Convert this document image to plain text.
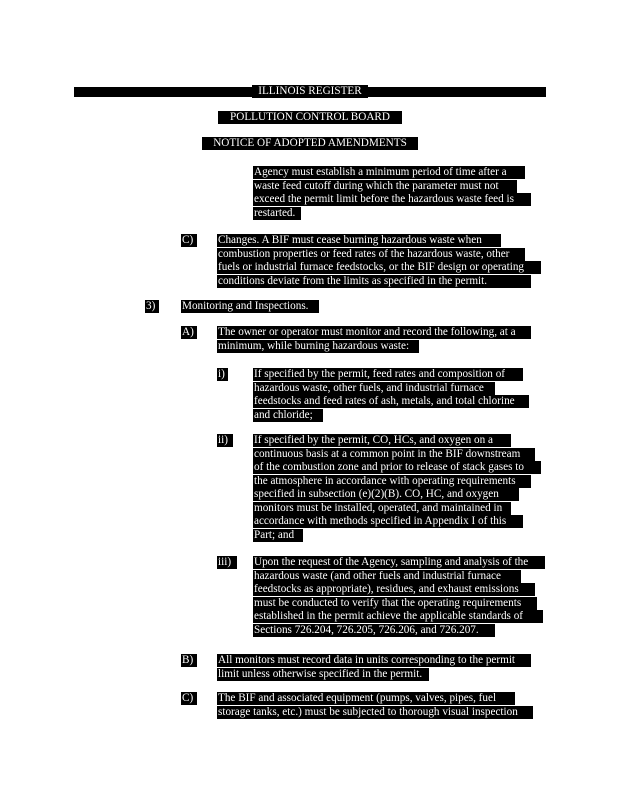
ILLINOIS REGISTER
POLLUTION CONTROL BOARD
NOTICE OF ADOPTED AMENDMENTS
Agency must establish a minimum period of time after a
waste feed cutoff during which the parameter must not
exceed the permit limit before the hazardous waste feed is
restarted.
C)	Changes. A BIF must cease burning hazardous waste when
combustion properties or feed rates of the hazardous waste, other
fuels or industrial furnace feedstocks, or the BIF design or operating
conditions deviate from the limits as specified in the permit.
3)	Monitoring and Inspections.
A) The owner or operator must monitor and record the following, at a
minimum, while burning hazardous waste:
i)	If specified by the permit, feed rates and composition of
hazardous waste, other fuels, and industrial furnace
feedstocks and feed rates of ash, metals, and total chlorine
and chloride;
ii)	If specified by the permit, CO, HCs, and oxygen on a
continuous basis at a common point in the BIF downstream
of the combustion zone and prior to release of stack gases to
the atmosphere in accordance with operating requirements
specified in subsection (e)(2)(B). CO, HC, and oxygen
monitors must be installed, operated, and maintained in
accordance with methods specified in Appendix I of this
Part; and
iii)	Upon the request of the Agency, sampling and analysis of the
hazardous waste (and other fuels and industrial furnace
feedstocks as appropriate), residues, and exhaust emissions
must be conducted to verify that the operating requirements
established in the permit achieve the applicable standards of
Sections 726.204, 726.205, 726.206, and 726.207.
B)	All monitors must record data in units corresponding to the permit
limit unless otherwise specified in the permit.
C)	The BIF and associated equipment (pumps, valves, pipes, fuel
storage tanks, etc.) must be subjected to thorough visual inspection
